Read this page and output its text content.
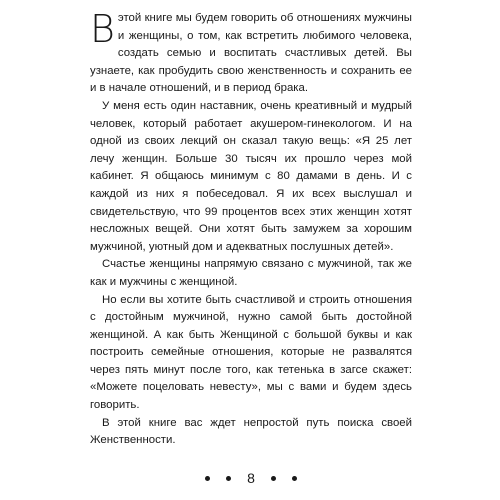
Вэтой книге мы будем говорить об отношениях мужчины и женщины, о том, как встретить любимого человека, создать семью и воспитать счастливых детей. Вы узнаете, как пробудить свою женственность и сохранить ее и в начале отношений, и в период брака.

У меня есть один наставник, очень креативный и мудрый человек, который работает акушером-гинекологом. И на одной из своих лекций он сказал такую вещь: «Я 25 лет лечу женщин. Больше 30 тысяч их прошло через мой кабинет. Я общаюсь минимум с 80 дамами в день. И с каждой из них я побеседовал. Я их всех выслушал и свидетельствую, что 99 процентов всех этих женщин хотят несложных вещей. Они хотят быть замужем за хорошим мужчиной, уютный дом и адекватных послушных детей».

Счастье женщины напрямую связано с мужчиной, так же как и мужчины с женщиной.

Но если вы хотите быть счастливой и строить отношения с достойным мужчиной, нужно самой быть достойной женщиной. А как быть Женщиной с большой буквы и как построить семейные отношения, которые не развалятся через пять минут после того, как тетенька в загсе скажет: «Можете поцеловать невесту», мы с вами и будем здесь говорить.

В этой книге вас ждет непростой путь поиска своей Женственности.

8
